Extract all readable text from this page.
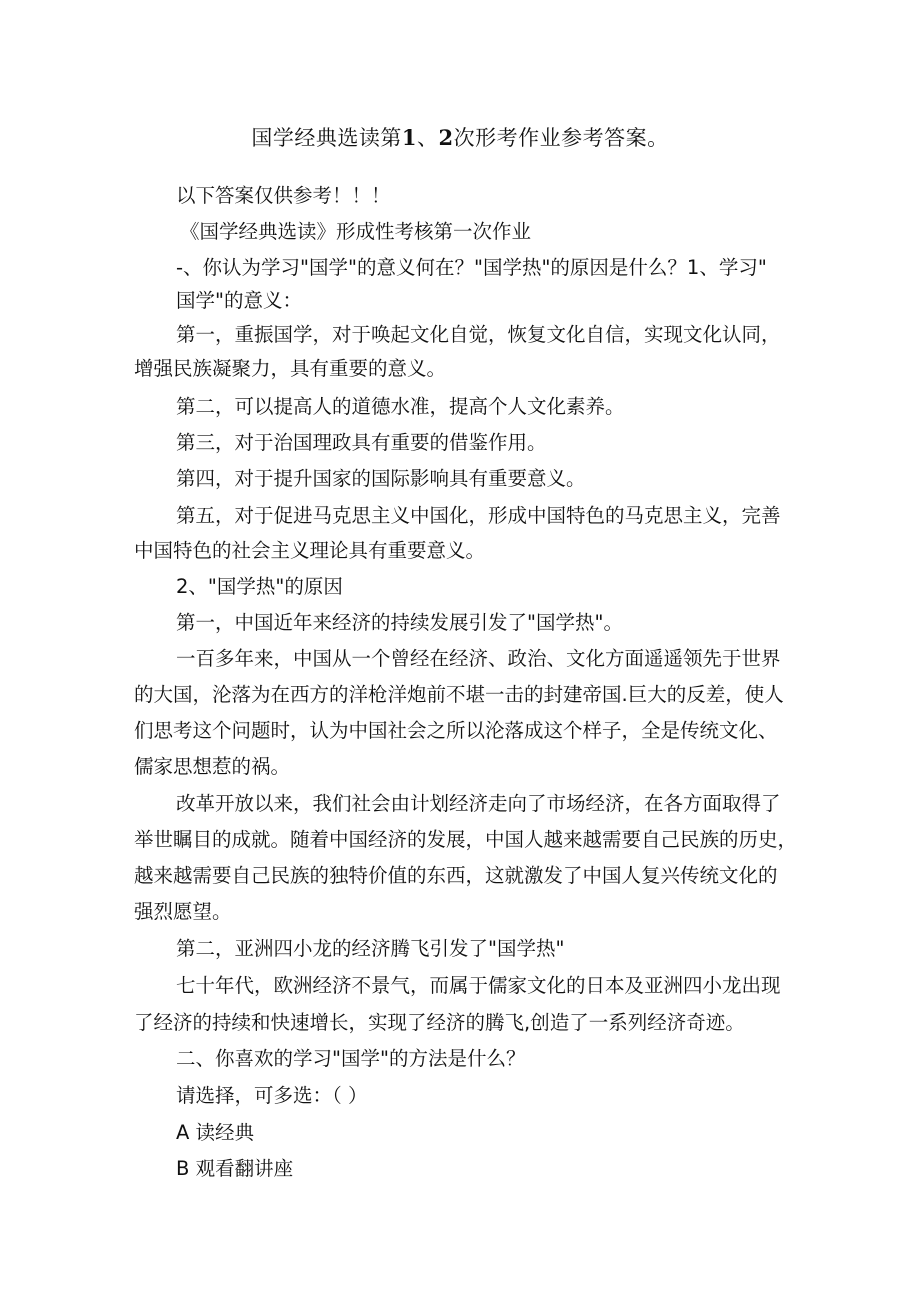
国学经典选读第1、2次形考作业参考答案。

以下答案仅供参考！！！

《国学经典选读》形成性考核第一次作业

-、你认为学习"国学"的意义何在？"国学热"的原因是什么？1、学习"

国学"的意义：

第一，重振国学，对于唤起文化自觉，恢复文化自信，实现文化认同，

增强民族凝聚力，具有重要的意义。

第二，可以提高人的道德水准，提高个人文化素养。

第三，对于治国理政具有重要的借鉴作用。

第四，对于提升国家的国际影响具有重要意义。

第五，对于促进马克思主义中国化，形成中国特色的马克思主义，完善

中国特色的社会主义理论具有重要意义。

2、"国学热"的原因

第一，中国近年来经济的持续发展引发了"国学热"。

一百多年来，中国从一个曾经在经济、政治、文化方面遥遥领先于世界

的大国，沦落为在西方的洋枪洋炮前不堪一击的封建帝国.巨大的反差，使人

们思考这个问题时，认为中国社会之所以沦落成这个样子，全是传统文化、

儒家思想惹的祸。

改革开放以来，我们社会由计划经济走向了市场经济，在各方面取得了

举世瞩目的成就。随着中国经济的发展，中国人越来越需要自己民族的历史，

越来越需要自己民族的独特价值的东西，这就激发了中国人复兴传统文化的

强烈愿望。

第二，亚洲四小龙的经济腾飞引发了"国学热"

七十年代，欧洲经济不景气，而属于儒家文化的日本及亚洲四小龙出现

了经济的持续和快速增长，实现了经济的腾飞,创造了一系列经济奇迹。

二、你喜欢的学习"国学"的方法是什么？

请选择，可多选：（ ）

A 读经典

B 观看翻讲座
